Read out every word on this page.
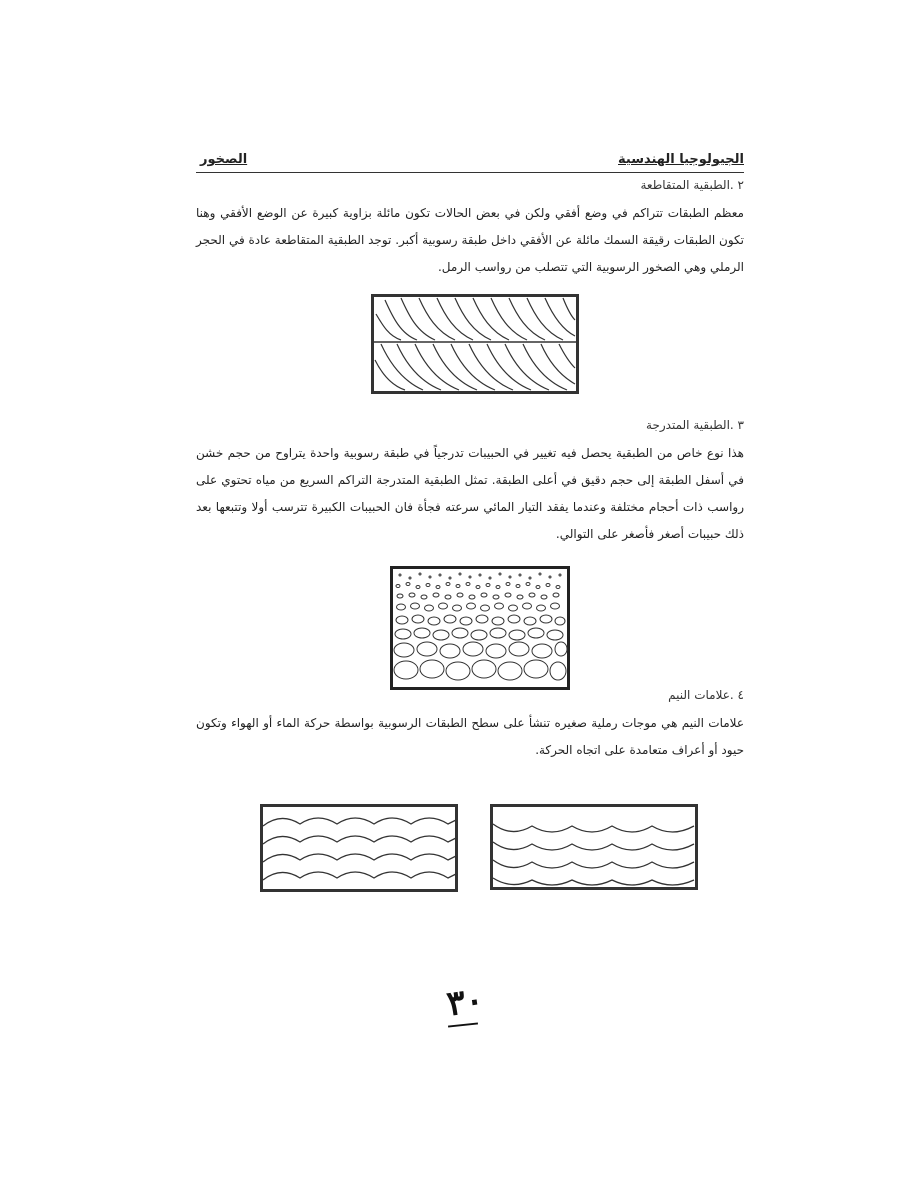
الجيولوجيا الهندسية
الصخور
٢ .الطبقية المتقاطعة
معظم الطبقات تتراكم في وضع أفقي ولكن في بعض الحالات تكون مائلة بزاوية كبيرة عن الوضع الأفقي وهنا تكون الطبقات رقيقة السمك مائلة عن الأفقي داخل طبقة رسوبية أكبر. توجد الطبقية المتقاطعة عادة في الحجر الرملي وهي الصخور الرسوبية التي تتصلب من رواسب الرمل.
٣ .الطبقية المتدرجة
هذا نوع خاص من الطبقية يحصل فيه تغيير في الحبيبات تدرجياً في طبقة رسوبية واحدة يتراوح من حجم خشن في أسفل الطبقة إلى حجم دقيق في أعلى الطبقة. تمثل الطبقية المتدرجة التراكم السريع من مياه تحتوي على رواسب ذات أحجام مختلفة وعندما يفقد التيار المائي سرعته فجأة فان الحبيبات الكبيرة تترسب أولا وتتبعها بعد ذلك حبيبات أصغر فأصغر على التوالي.
٤ .علامات النيم
علامات النيم هي موجات رملية صغيره تنشأ على سطح الطبقات الرسوبية بواسطة حركة الماء أو الهواء وتكون حيود أو أعراف متعامدة على اتجاه الحركة.
٣٠
